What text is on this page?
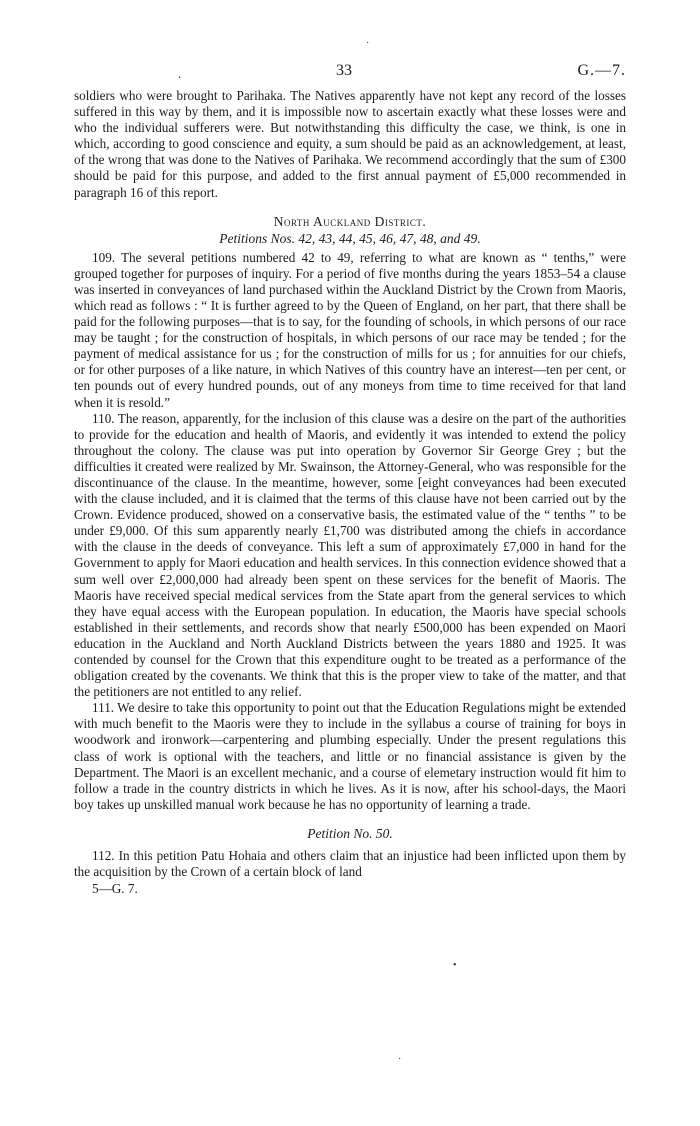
·
.	33	G.—7.

soldiers who were brought to Parihaka. The Natives apparently have not kept any record of the losses suffered in this way by them, and it is impossible now to ascertain exactly what these losses were and who the individual sufferers were. But notwithstanding this difficulty the case, we think, is one in which, according to good conscience and equity, a sum should be paid as an acknowledgement, at least, of the wrong that was done to the Natives of Parihaka. We recommend accordingly that the sum of £300 should be paid for this purpose, and added to the first annual payment of £5,000 recommended in paragraph 16 of this report.

North Auckland District.
Petitions Nos. 42, 43, 44, 45, 46, 47, 48, and 49.

109. The several petitions numbered 42 to 49, referring to what are known as “ tenths,” were grouped together for purposes of inquiry. For a period of five months during the years 1853–54 a clause was inserted in conveyances of land purchased within the Auckland District by the Crown from Maoris, which read as follows : “ It is further agreed to by the Queen of England, on her part, that there shall be paid for the following purposes—that is to say, for the founding of schools, in which persons of our race may be taught ; for the construction of hospitals, in which persons of our race may be tended ; for the payment of medical assistance for us ; for the construction of mills for us ; for annuities for our chiefs, or for other purposes of a like nature, in which Natives of this country have an interest—ten per cent, or ten pounds out of every hundred pounds, out of any moneys from time to time received for that land when it is resold.”

110. The reason, apparently, for the inclusion of this clause was a desire on the part of the authorities to provide for the education and health of Maoris, and evidently it was intended to extend the policy throughout the colony. The clause was put into operation by Governor Sir George Grey ; but the difficulties it created were realized by Mr. Swainson, the Attorney-General, who was responsible for the discontinuance of the clause. In the meantime, however, some [eight conveyances had been executed with the clause included, and it is claimed that the terms of this clause have not been carried out by the Crown. Evidence produced, showed on a conservative basis, the estimated value of the “ tenths ” to be under £9,000. Of this sum apparently nearly £1,700 was distributed among the chiefs in accordance with the clause in the deeds of conveyance. This left a sum of approximately £7,000 in hand for the Government to apply for Maori education and health services. In this connection evidence showed that a sum well over £2,000,000 had already been spent on these services for the benefit of Maoris. The Maoris have received special medical services from the State apart from the general services to which they have equal access with the European population. In education, the Maoris have special schools established in their settlements, and records show that nearly £500,000 has been expended on Maori education in the Auckland and North Auckland Districts between the years 1880 and 1925. It was contended by counsel for the Crown that this expenditure ought to be treated as a performance of the obligation created by the covenants. We think that this is the proper view to take of the matter, and that the petitioners are not entitled to any relief.

111. We desire to take this opportunity to point out that the Education Regulations might be extended with much benefit to the Maoris were they to include in the syllabus a course of training for boys in woodwork and ironwork—carpentering and plumbing especially. Under the present regulations this class of work is optional with the teachers, and little or no financial assistance is given by the Department. The Maori is an excellent mechanic, and a course of elemetary instruction would fit him to follow a trade in the country districts in which he lives. As it is now, after his school-days, the Maori boy takes up unskilled manual work because he has no opportunity of learning a trade.

Petition No. 50.

112. In this petition Patu Hohaia and others claim that an injustice had been inflicted upon them by the acquisition by the Crown of a certain block of land

5—G. 7.
•
·
